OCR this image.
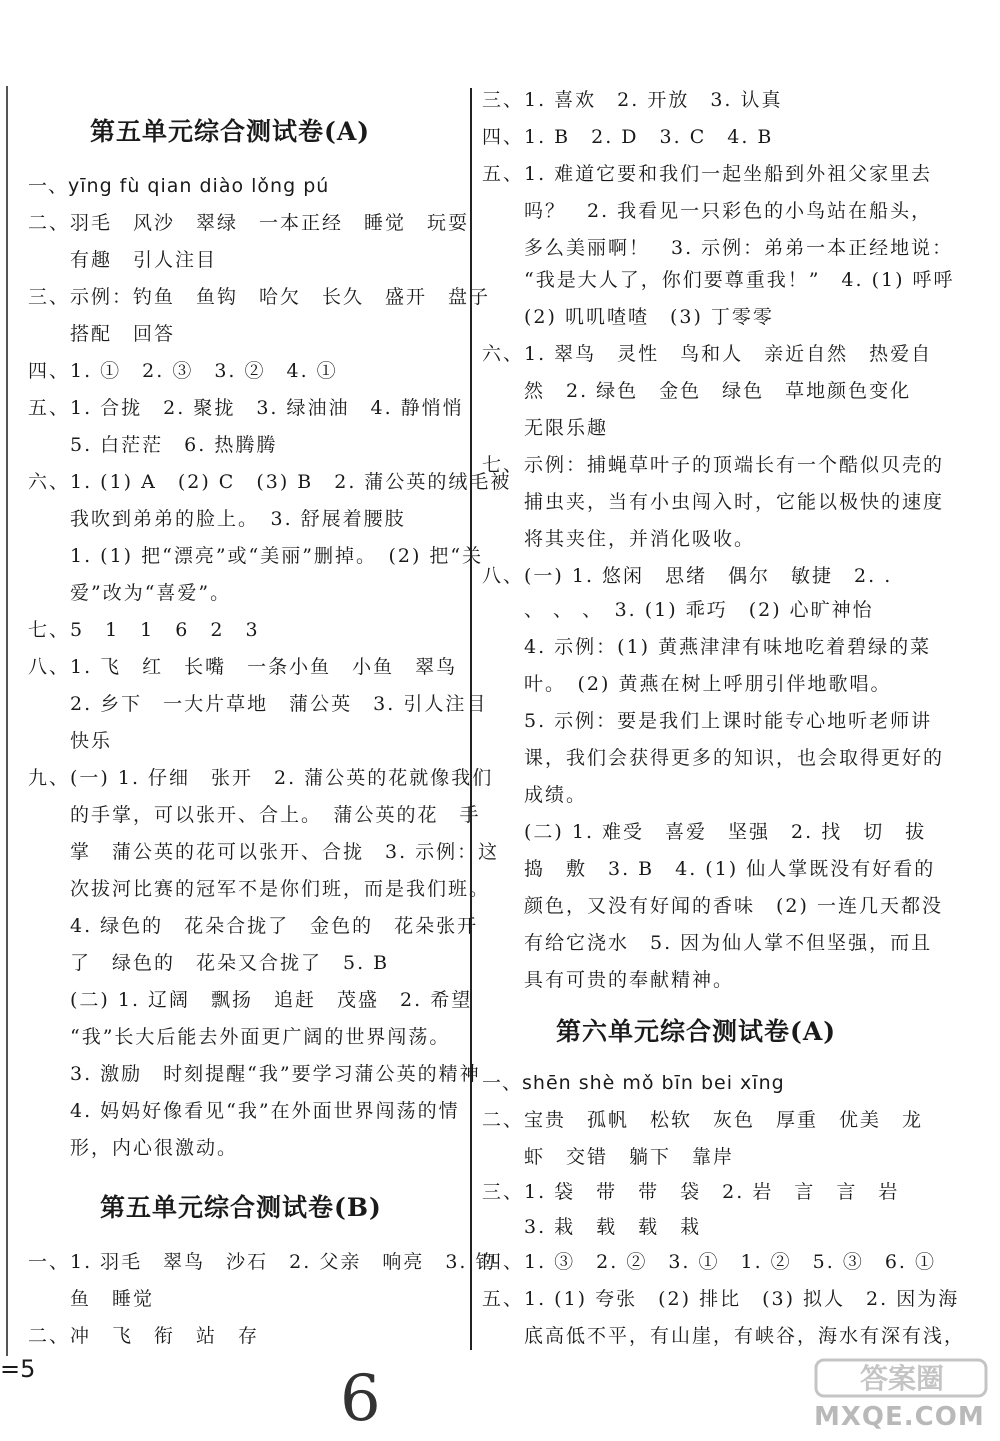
第五单元综合测试卷(A)
一、yīng fù qian diào lǒng pú
二、羽毛　风沙　翠绿　一本正经　睡觉　玩耍
　　有趣　引人注目
三、示例：钓鱼　鱼钩　哈欠　长久　盛开　盘子
　　搭配　回答
四、1. ①　2. ③　3. ②　4. ①
五、1. 合拢　2. 聚拢　3. 绿油油　4. 静悄悄
　　5. 白茫茫　6. 热腾腾
六、1. (1) A　(2) C　(3) B　2. 蒲公英的绒毛被
　　我吹到弟弟的脸上。　3. 舒展着腰肢
　　1. (1) 把“漂亮”或“美丽”删掉。　(2) 把“关
　　爱”改为“喜爱”。
七、5　1　1　6　2　3
八、1. 飞　红　长嘴　一条小鱼　小鱼　翠鸟
　　2. 乡下　一大片草地　蒲公英　3. 引人注目
　　快乐
九、(一) 1. 仔细　张开　2. 蒲公英的花就像我们
　　的手掌，可以张开、合上。　蒲公英的花　手
　　掌　蒲公英的花可以张开、合拢　3. 示例：这
　　次拔河比赛的冠军不是你们班，而是我们班。
　　4. 绿色的　花朵合拢了　金色的　花朵张开
　　了　绿色的　花朵又合拢了　5. B
　　(二) 1. 辽阔　飘扬　追赶　茂盛　2. 希望
　　“我”长大后能去外面更广阔的世界闯荡。
　　3. 激励　时刻提醒“我”要学习蒲公英的精神
　　4. 妈妈好像看见“我”在外面世界闯荡的情
　　形，内心很激动。
第五单元综合测试卷(B)
一、1. 羽毛　翠鸟　沙石　2. 父亲　响亮　3. 钓
　　鱼　睡觉
二、冲　飞　衔　站　存
三、1. 喜欢　2. 开放　3. 认真
四、1. B　2. D　3. C　4. B
五、1. 难道它要和我们一起坐船到外祖父家里去
　　吗？　2. 我看见一只彩色的小鸟站在船头，
　　多么美丽啊！　3. 示例：弟弟一本正经地说：
　　“我是大人了，你们要尊重我！”　4. (1) 呼呼
　　(2) 叽叽喳喳　(3) 丁零零
六、1. 翠鸟　灵性　鸟和人　亲近自然　热爱自
　　然　2. 绿色　金色　绿色　草地颜色变化
　　无限乐趣
七、示例：捕蝇草叶子的顶端长有一个酷似贝壳的
　　捕虫夹，当有小虫闯入时，它能以极快的速度
　　将其夹住，并消化吸收。
八、(一) 1. 悠闲　思绪　偶尔　敏捷　2. .
　　、 、 、　3. (1) 乖巧　(2) 心旷神怡
　　4. 示例：(1) 黄燕津津有味地吃着碧绿的菜
　　叶。　(2) 黄燕在树上呼朋引伴地歌唱。
　　5. 示例：要是我们上课时能专心地听老师讲
　　课，我们会获得更多的知识，也会取得更好的
　　成绩。
　　(二) 1. 难受　喜爱　坚强　2. 找　切　拔
　　捣　敷　3. B　4. (1) 仙人掌既没有好看的
　　颜色，又没有好闻的香味　(2) 一连几天都没
　　有给它浇水　5. 因为仙人掌不但坚强，而且
　　具有可贵的奉献精神。
第六单元综合测试卷(A)
一、shēn shè mǒ bīn bei xīng
二、宝贵　孤帆　松软　灰色　厚重　优美　龙
　　虾　交错　躺下　靠岸
三、1. 袋　带　带　袋　2. 岩　言　言　岩
　　3. 栽　载　载　栽
四、1. ③　2. ②　3. ①　1. ②　5. ③　6. ①
五、1. (1) 夸张　(2) 排比　(3) 拟人　2. 因为海
　　底高低不平，有山崖，有峡谷，海水有深有浅，
=5	6	答案圈
MXQE.COM
